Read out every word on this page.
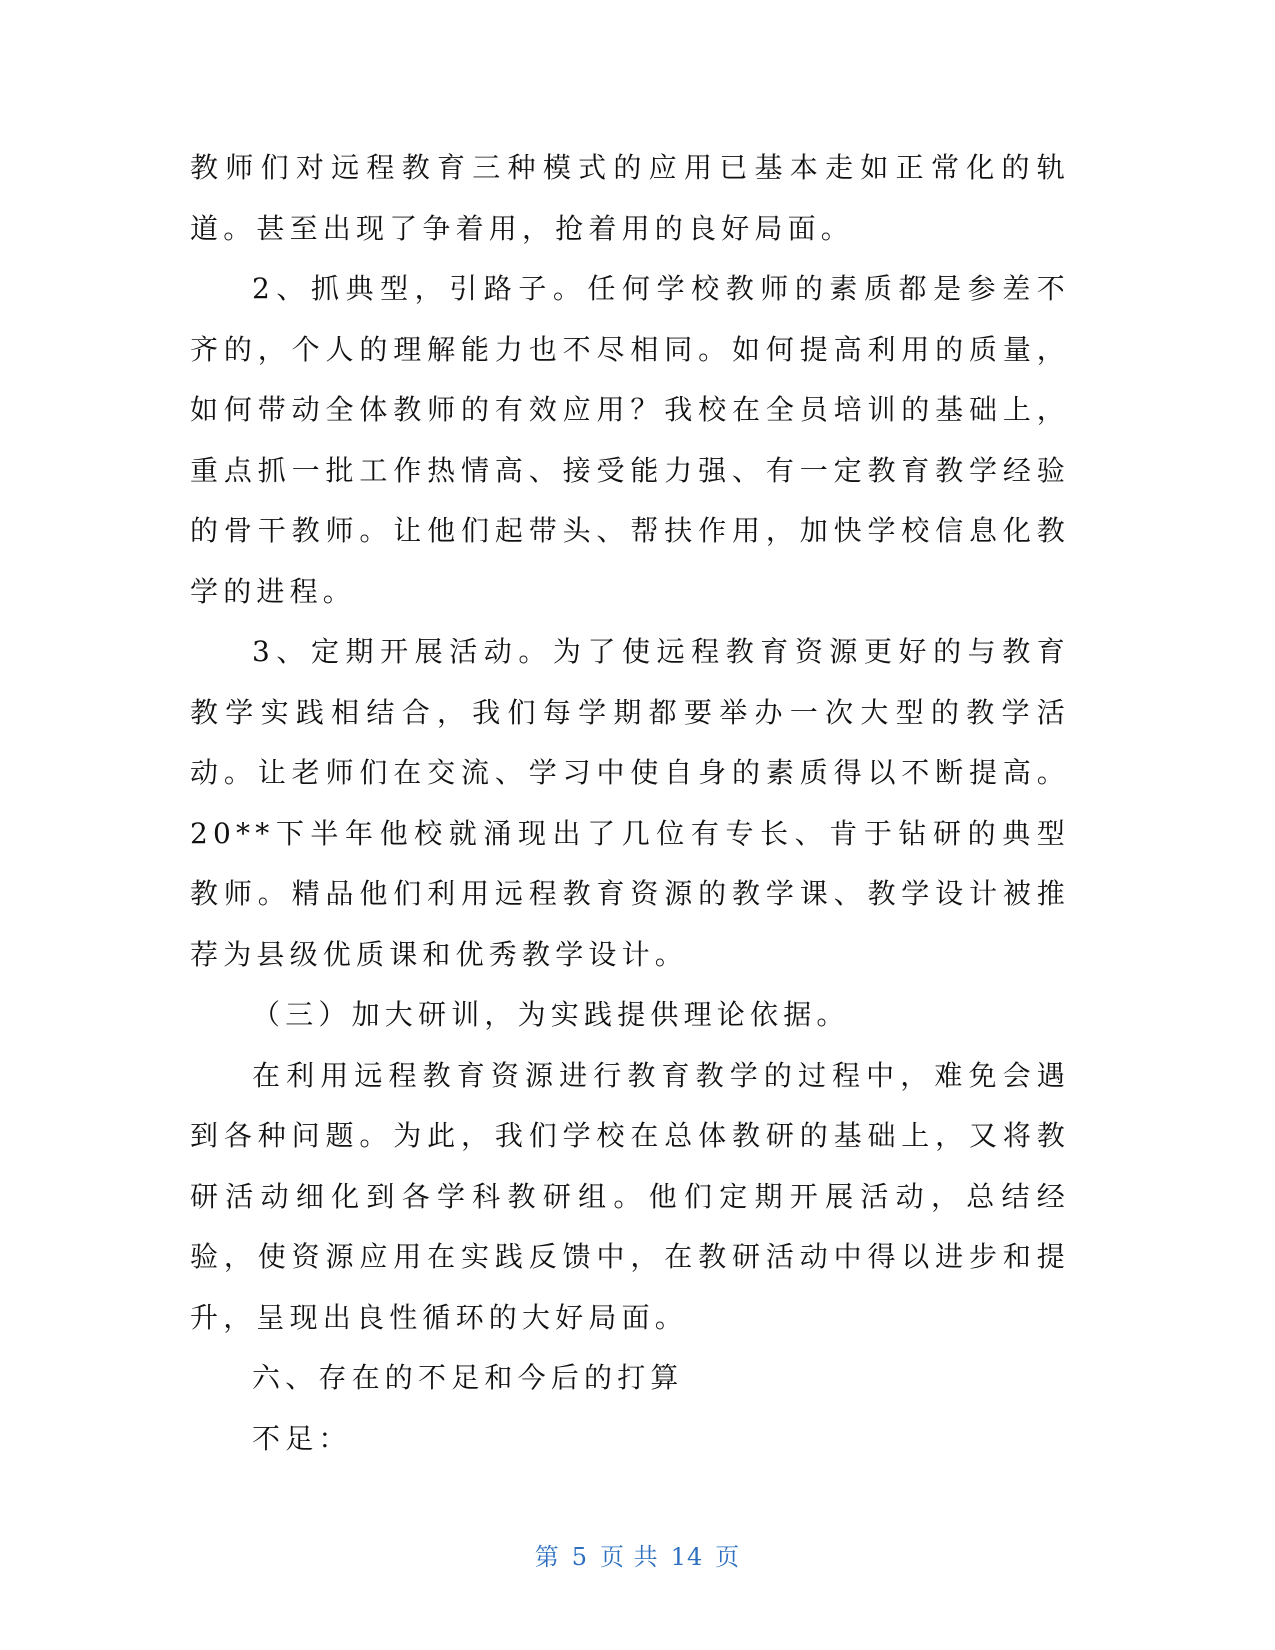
教师们对远程教育三种模式的应用已基本走如正常化的轨道。甚至出现了争着用，抢着用的良好局面。

2、抓典型，引路子。任何学校教师的素质都是参差不齐的，个人的理解能力也不尽相同。如何提高利用的质量，如何带动全体教师的有效应用？我校在全员培训的基础上，重点抓一批工作热情高、接受能力强、有一定教育教学经验的骨干教师。让他们起带头、帮扶作用，加快学校信息化教学的进程。

3、定期开展活动。为了使远程教育资源更好的与教育教学实践相结合，我们每学期都要举办一次大型的教学活动。让老师们在交流、学习中使自身的素质得以不断提高。20**下半年他校就涌现出了几位有专长、肯于钻研的典型教师。精品他们利用远程教育资源的教学课、教学设计被推荐为县级优质课和优秀教学设计。

（三）加大研训，为实践提供理论依据。

在利用远程教育资源进行教育教学的过程中，难免会遇到各种问题。为此，我们学校在总体教研的基础上，又将教研活动细化到各学科教研组。他们定期开展活动，总结经验，使资源应用在实践反馈中，在教研活动中得以进步和提升，呈现出良性循环的大好局面。

六、存在的不足和今后的打算

不足：

第 5 页 共 14 页
